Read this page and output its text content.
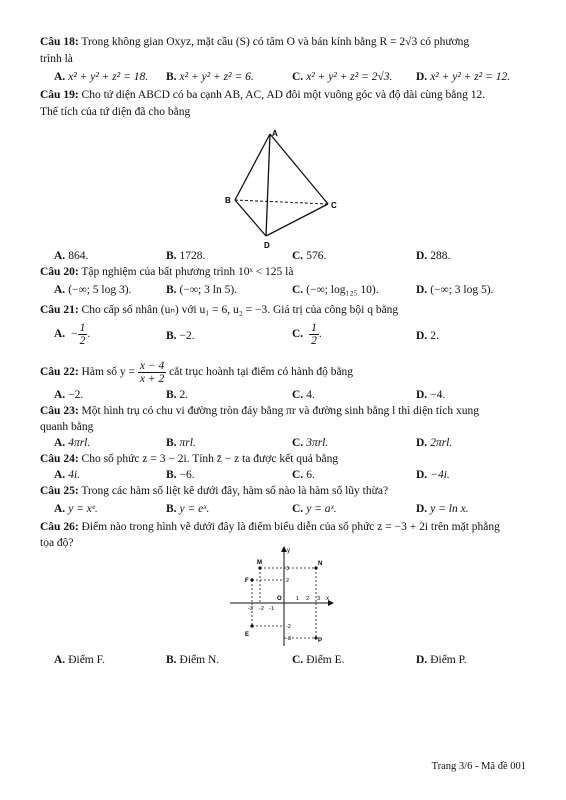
Câu 18: Trong không gian Oxyz, mặt cầu (S) có tâm O và bán kính bằng R = 2√3 có phương
trình là
A. x² + y² + z² = 18. B. x² + y² + z² = 6.	C. x² + y² + z² = 2√3. D. x² + y² + z² = 12.
Câu 19: Cho tứ diện ABCD có ba cạnh AB, AC, AD đôi một vuông góc và độ dài cùng bằng 12.
Thể tích của tứ diện đã cho bằng
A
B
C
D
A. 864.	B. 1728.	C. 576.	D. 288.
Câu 20: Tập nghiệm của bất phương trình 10ˣ < 125 là
A. (−∞; 5 log 3).	B. (−∞; 3 ln 5).	C. (−∞; log₁₂₅ 10).	D. (−∞; 3 log 5).
Câu 21: Cho cấp số nhân (uₙ) với u₁ = 6, u₂ = −3. Giá trị của công bội q bằng
A. − $\frac{1}{2}$ .	B. −2.	C. $\frac{1}{2}$ .	D. 2.
Câu 22: Hàm số $y = \frac{x - 4}{x + 2}$ cắt trục hoành tại điểm có hành độ bằng
A. −2.	B. 2.	C. 4.	D. −4.
Câu 23: Một hình trụ có chu vi đường tròn đáy bằng πr và đường sinh bằng l thì diện tích xung
quanh bằng
A. 4πrl.	B. πrl.	C. 3πrl.	D. 2πrl.
Câu 24: Cho số phức z = 3 − 2i. Tính z̄ − z ta được kết quả bằng
A. 4i.	B. −6.	C. 6.	D. −4i.
Câu 25: Trong các hàm số liệt kê dưới đây, hàm số nào là hàm số lũy thừa?
A. y = xᵉ.	B. y = eˣ.	C. y = aˣ.	D. y = ln x.
Câu 26: Điểm nào trong hình vẽ dưới đây là điểm biểu diễn của số phức z = −3 + 2i trên mặt phẳng
tọa độ?
y
x
O
M	N
F
E
P
3
2
-2
-3
1 2 3
-1
-2
-3
A. Điểm F.	B. Điểm N.	C. Điểm E.	D. Điểm P.
Trang 3/6 - Mã đề 001
